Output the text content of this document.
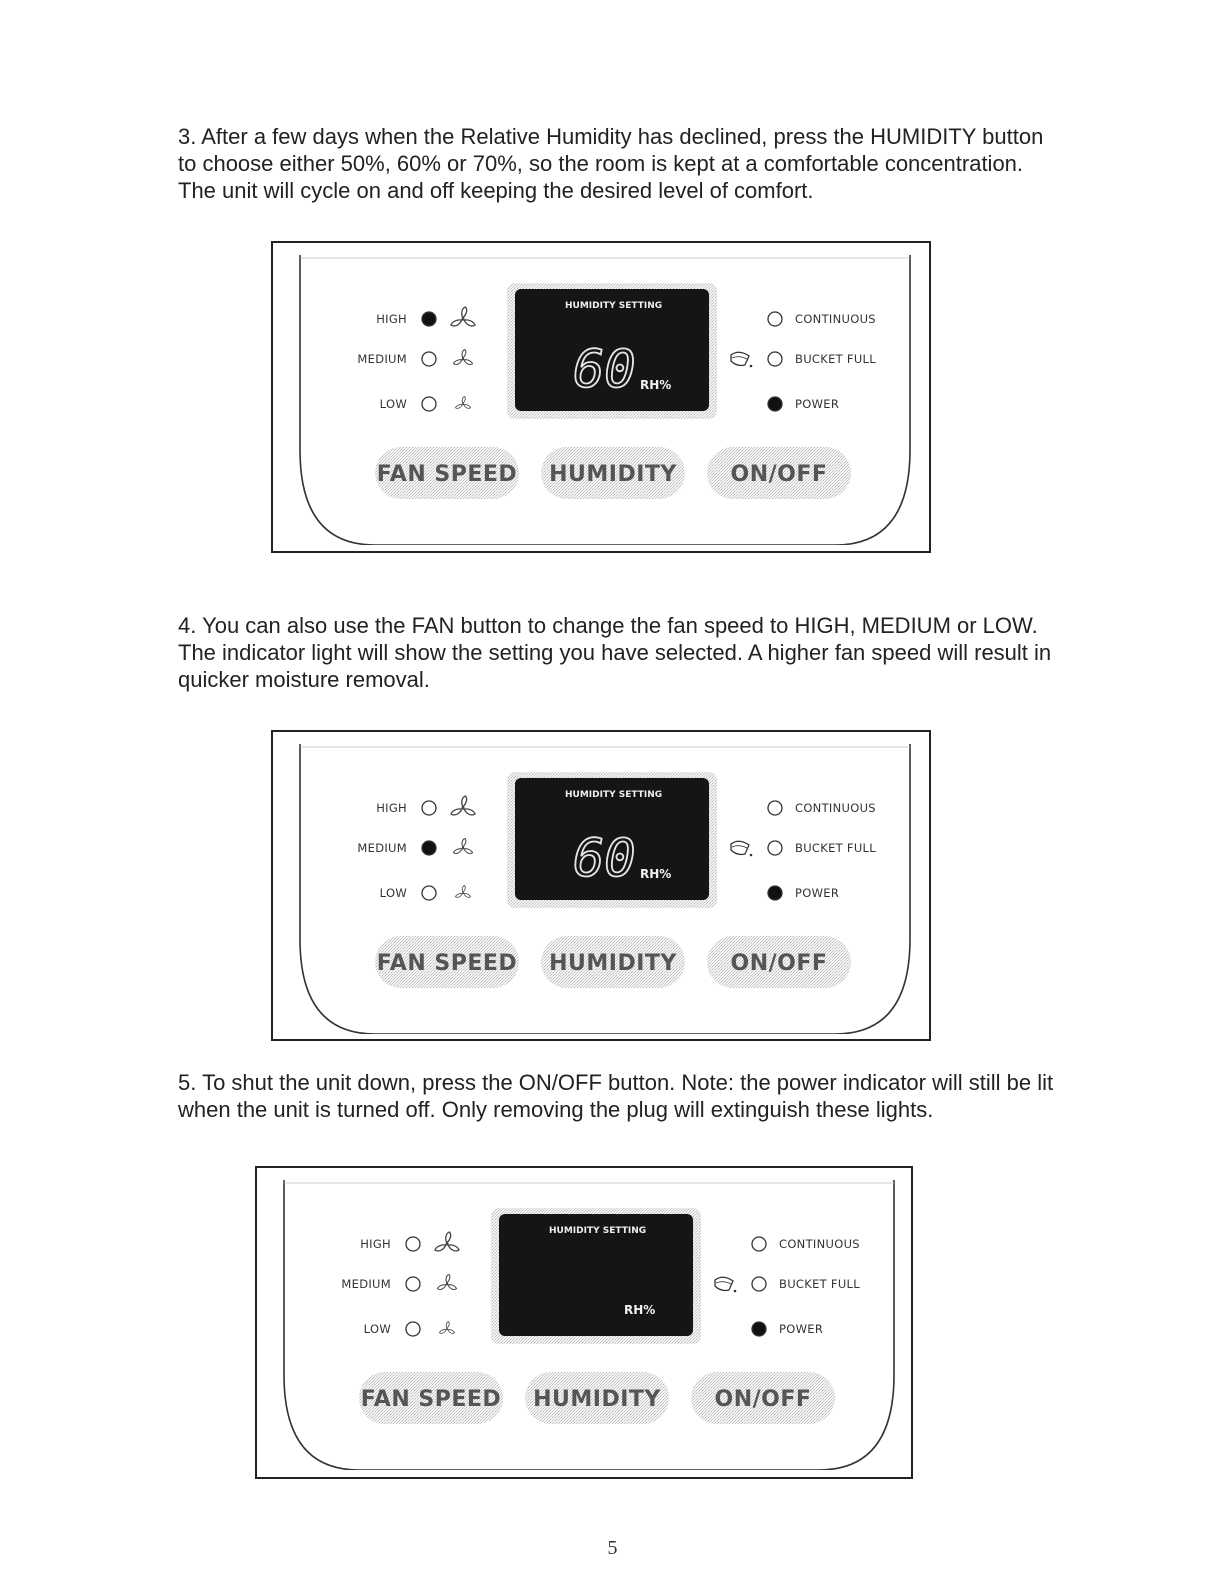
3. After a few days when the Relative Humidity has declined, press the HUMIDITY button to choose either 50%, 60% or 70%, so the room is kept at a comfortable concentration. The unit will cycle on and off keeping the desired level of comfort.

HIGH
MEDIUM
LOW
HUMIDITY SETTING
60 RH%
CONTINUOUS
BUCKET FULL
POWER
FAN SPEED HUMIDITY ON/OFF

4. You can also use the FAN button to change the fan speed to HIGH, MEDIUM or LOW. The indicator light will show the setting you have selected. A higher fan speed will result in quicker moisture removal.

HIGH
MEDIUM
LOW
HUMIDITY SETTING
60 RH%
CONTINUOUS
BUCKET FULL
POWER
FAN SPEED HUMIDITY ON/OFF

5. To shut the unit down, press the ON/OFF button. Note: the power indicator will still be lit when the unit is turned off. Only removing the plug will extinguish these lights.

HIGH
MEDIUM
LOW
HUMIDITY SETTING
RH%
CONTINUOUS
BUCKET FULL
POWER
FAN SPEED HUMIDITY ON/OFF
5
